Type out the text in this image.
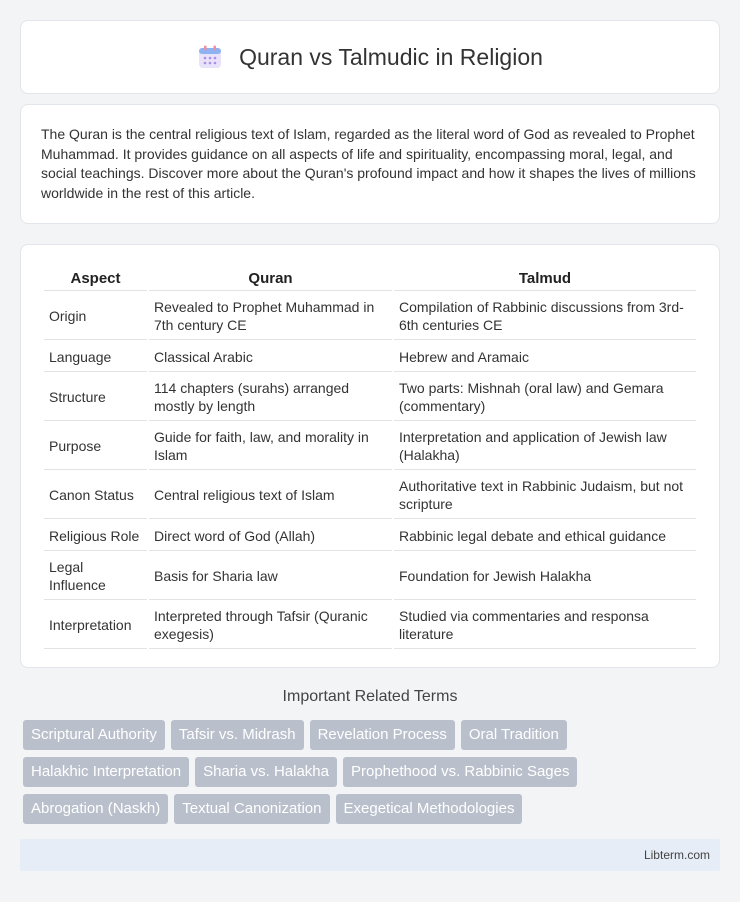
Quran vs Talmudic in Religion

The Quran is the central religious text of Islam, regarded as the literal word of God as revealed to Prophet Muhammad. It provides guidance on all aspects of life and spirituality, encompassing moral, legal, and social teachings. Discover more about the Quran's profound impact and how it shapes the lives of millions worldwide in the rest of this article.

Aspect	Quran	Talmud
Origin	Revealed to Prophet Muhammad in 7th century CE	Compilation of Rabbinic discussions from 3rd-6th centuries CE
Language	Classical Arabic	Hebrew and Aramaic
Structure	114 chapters (surahs) arranged mostly by length	Two parts: Mishnah (oral law) and Gemara (commentary)
Purpose	Guide for faith, law, and morality in Islam	Interpretation and application of Jewish law (Halakha)
Canon Status	Central religious text of Islam	Authoritative text in Rabbinic Judaism, but not scripture
Religious Role	Direct word of God (Allah)	Rabbinic legal debate and ethical guidance
Legal Influence	Basis for Sharia law	Foundation for Jewish Halakha
Interpretation	Interpreted through Tafsir (Quranic exegesis)	Studied via commentaries and responsa literature
Important Related Terms
Scriptural Authority	Tafsir vs. Midrash	Revelation Process	Oral Tradition
Halakhic Interpretation	Sharia vs. Halakha	Prophethood vs. Rabbinic Sages
Abrogation (Naskh)	Textual Canonization	Exegetical Methodologies
Libterm.com
